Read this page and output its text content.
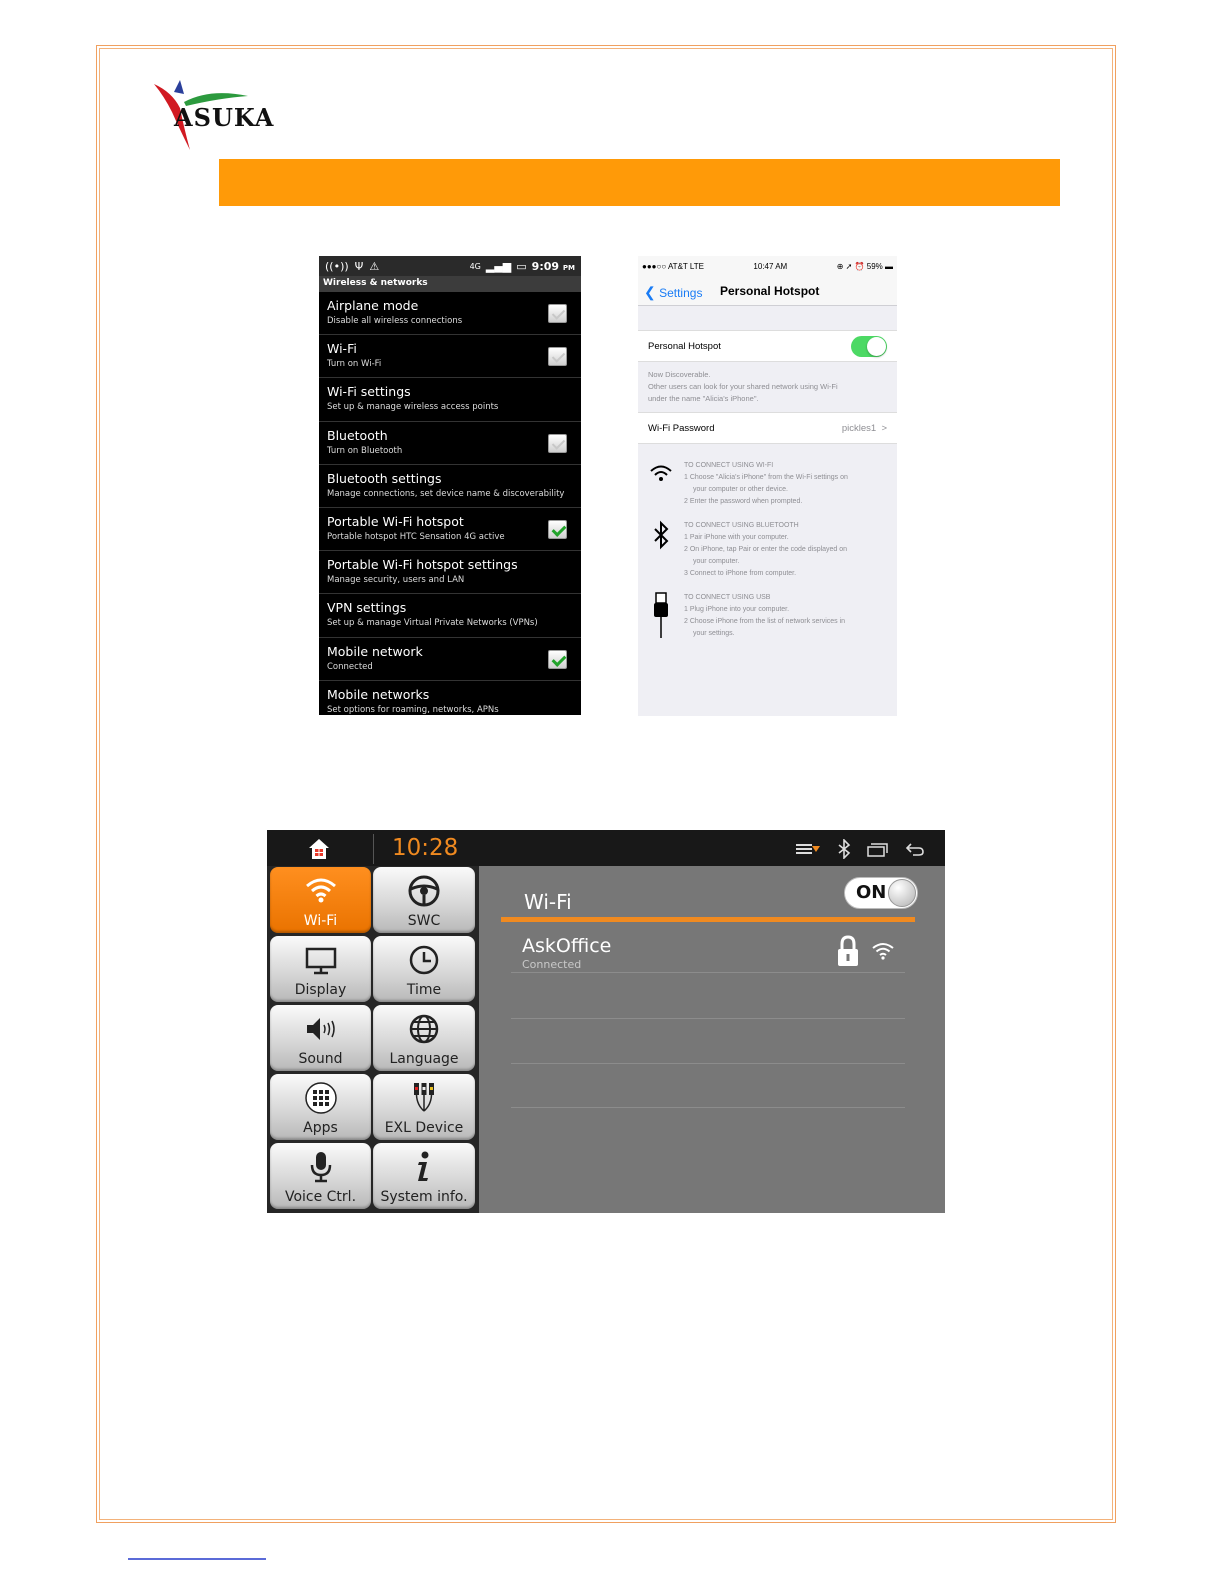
ASUKA
((•)) Ψ ⚠	4G ▂▄▆ ▭ 9:09 PM
Wireless & networks
Airplane mode
Disable all wireless connections
Wi-Fi
Turn on Wi-Fi
Wi-Fi settings
Set up & manage wireless access points
Bluetooth
Turn on Bluetooth
Bluetooth settings
Manage connections, set device name & discoverability
Portable Wi-Fi hotspot
Portable hotspot HTC Sensation 4G active
Portable Wi-Fi hotspot settings
Manage security, users and LAN
VPN settings
Set up & manage Virtual Private Networks (VPNs)
Mobile network
Connected
Mobile networks
Set options for roaming, networks, APNs
●●●○○ AT&T LTE	10:47 AM	⊕ ➚ ⏰ 59% ▬
❮ Settings Personal Hotspot
Personal Hotspot
Now Discoverable.
Other users can look for your shared network using Wi-Fi
under the name "Alicia's iPhone".
Wi-Fi Password	pickles1 >
TO CONNECT USING WI-FI
1 Choose "Alicia's iPhone" from the Wi-Fi settings on
your computer or other device.
2 Enter the password when prompted.
TO CONNECT USING BLUETOOTH
1 Pair iPhone with your computer.
2 On iPhone, tap Pair or enter the code displayed on
your computer.
3 Connect to iPhone from computer.
TO CONNECT USING USB
1 Plug iPhone into your computer.
2 Choose iPhone from the list of network services in
your settings.
10:28
Wi-Fi	SWC
Display	Time
Sound	Language
Apps	EXL Device
Voice Ctrl.	System info.
Wi-Fi	ON
AskOffice
Connected
